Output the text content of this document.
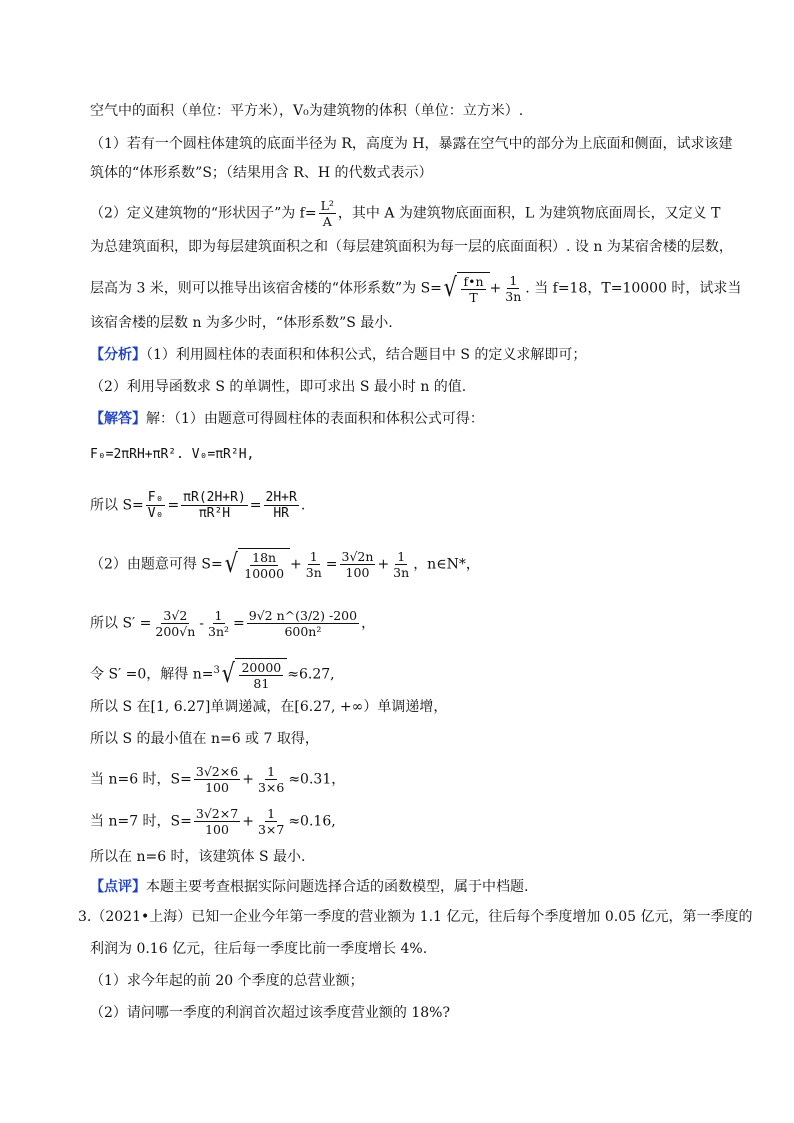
空气中的面积（单位：平方米），V₀为建筑物的体积（单位：立方米）.
（1）若有一个圆柱体建筑的底面半径为 R，高度为 H，暴露在空气中的部分为上底面和侧面，试求该建
筑体的“体形系数”S；（结果用含 R、H 的代数式表示）
（2）定义建筑物的“形状因子”为 $f= \frac{\text{L²}}{A}$ ，其中 A 为建筑物底面面积，L 为建筑物底面周长，又定义 T
为总建筑面积，即为每层建筑面积之和（每层建筑面积为每一层的底面面积）. 设 n 为某宿舍楼的层数，
层高为 3 米，则可以推导出该宿舍楼的“体形系数”为 S= √ $\frac{f•n}{T} + \frac{1}{3n}$ . 当 f=18，T=10000 时，试求当
该宿舍楼的层数 n 为多少时，“体形系数”S 最小.
【分析】（1）利用圆柱体的表面积和体积公式，结合题目中 S 的定义求解即可；
（2）利用导函数求 S 的单调性，即可求出 S 最小时 n 的值.
【解答】解：（1）由题意可得圆柱体的表面积和体积公式可得：
F₀=2πRH+πR². V₀=πR²H,
所以 $S= \frac{\text{F₀}}{\text{V₀}} = \frac{\pi R(2H+R)}{\text{πR²H}} = \frac{2H+R}{HR}$ .
（2）由题意可得 S= √ $\frac{18n}{10000} + \frac{1}{3n} = \frac{3√2n}{100} + \frac{1}{3n}$ ，n∈N*，
所以 $S' = \frac{3√2}{200√n} - \frac{1}{\text{3n²}} = \frac{9√2 n\^{}(3/2) -200}{\text{600n²}}$ ，
令 S′ =0，解得 n=$^3$ √ $\frac{20000}{81} \approx 6.27$,
所以 S 在[1, 6.27]单调递减，在[6.27, +∞）单调递增，
所以 S 的最小值在 n=6 或 7 取得，
当 n=6 时，$S= \frac{3√2\times 6}{100} + \frac{1}{3\times 6} \approx 0.31$，
当 n=7 时，$S= \frac{3√2\times 7}{100} + \frac{1}{3\times 7} \approx 0.16$,
所以在 n=6 时，该建筑体 S 最小.
【点评】本题主要考查根据实际问题选择合适的函数模型，属于中档题.
3.（2021•上海）已知一企业今年第一季度的营业额为 1.1 亿元，往后每个季度增加 0.05 亿元，第一季度的
利润为 0.16 亿元，往后每一季度比前一季度增长 4%.
（1）求今年起的前 20 个季度的总营业额；
（2）请问哪一季度的利润首次超过该季度营业额的 18%?
